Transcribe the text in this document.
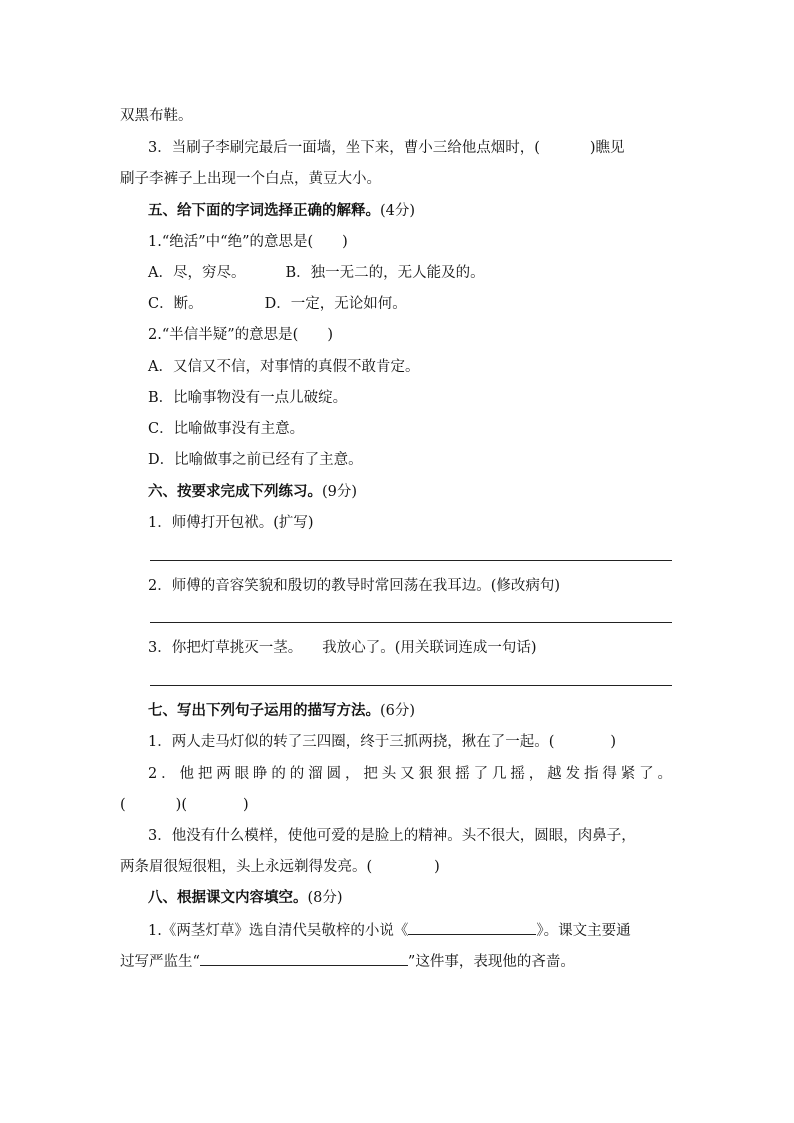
双黑布鞋。
3．当刷子李刷完最后一面墙，坐下来，曹小三给他点烟时，(	)瞧见
刷子李裤子上出现一个白点，黄豆大小。
五、给下面的字词选择正确的解释。(4分)
1.“绝活”中“绝”的意思是(　　)
A．尽，穷尽。	B．独一无二的，无人能及的。
C．断。	D．一定，无论如何。
2.“半信半疑”的意思是(　　)
A．又信又不信，对事情的真假不敢肯定。
B．比喻事物没有一点儿破绽。
C．比喻做事没有主意。
D．比喻做事之前已经有了主意。
六、按要求完成下列练习。(9分)
1．师傅打开包袱。(扩写)
2．师傅的音容笑貌和殷切的教导时常回荡在我耳边。(修改病句)
3．你把灯草挑灭一茎。 我放心了。(用关联词连成一句话)
七、写出下列句子运用的描写方法。(6分)
1．两人走马灯似的转了三四圈，终于三抓两挠，揪在了一起。(	)
2．他把两眼睁的的溜圆，把头又狠狠摇了几摇，越发指得紧了。
(	)(	)
3．他没有什么模样，使他可爱的是脸上的精神。头不很大，圆眼，肉鼻子，
两条眉很短很粗，头上永远剃得发亮。(	)
八、根据课文内容填空。(8分)
1.《两茎灯草》选自清代吴敬梓的小说《	》。课文主要通
过写严监生“	”这件事，表现他的吝啬。
